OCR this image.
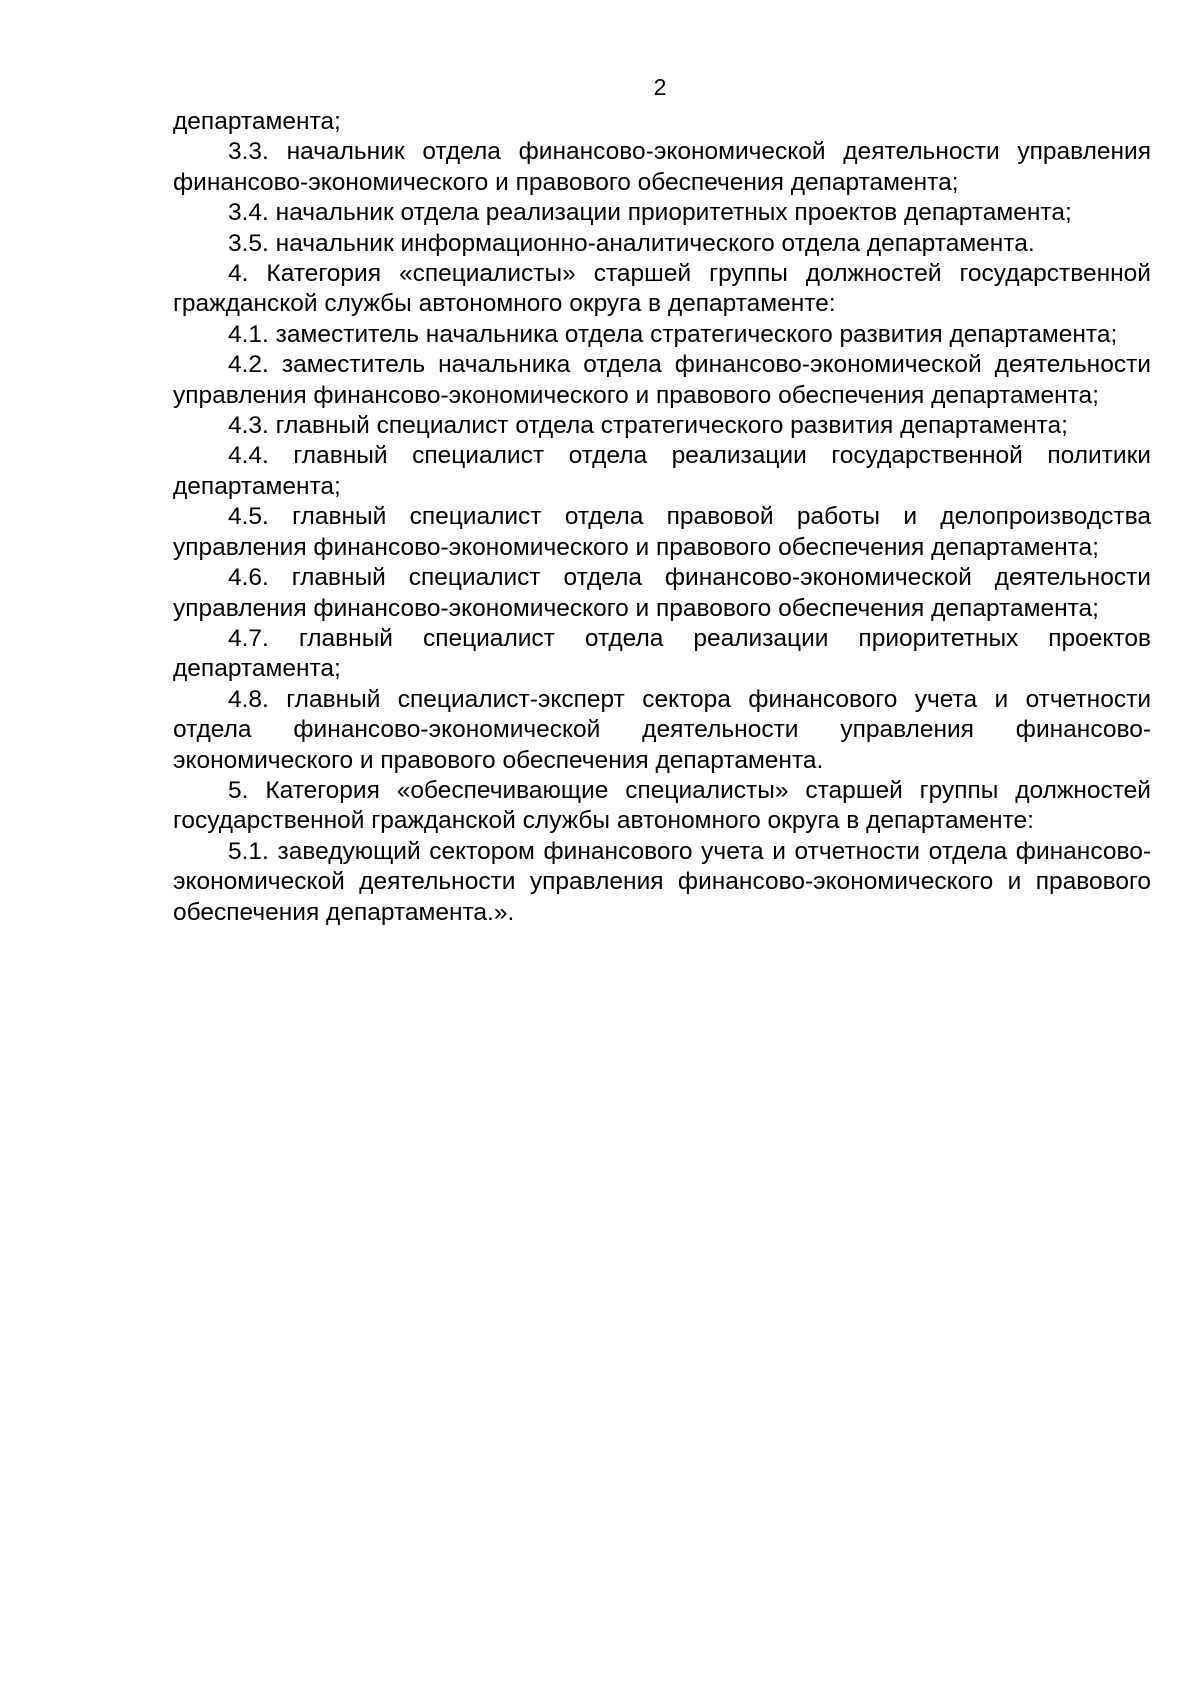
2

департамента;

3.3. начальник отдела финансово-экономической деятельности управления финансово-экономического и правового обеспечения департамента;

3.4. начальник отдела реализации приоритетных проектов департамента;

3.5. начальник информационно-аналитического отдела департамента.

4. Категория «специалисты» старшей группы должностей государственной гражданской службы автономного округа в департаменте:

4.1. заместитель начальника отдела стратегического развития департамента;

4.2. заместитель начальника отдела финансово-экономической деятельности управления финансово-экономического и правового обеспечения департамента;

4.3. главный специалист отдела стратегического развития департамента;

4.4. главный специалист отдела реализации государственной политики департамента;

4.5. главный специалист отдела правовой работы и делопроизводства управления финансово-экономического и правового обеспечения департамента;

4.6. главный специалист отдела финансово-экономической деятельности управления финансово-экономического и правового обеспечения департамента;

4.7. главный специалист отдела реализации приоритетных проектов департамента;

4.8. главный специалист-эксперт сектора финансового учета и отчетности отдела финансово-экономической деятельности управления финансово-экономического и правового обеспечения департамента.

5. Категория «обеспечивающие специалисты» старшей группы должностей государственной гражданской службы автономного округа в департаменте:

5.1. заведующий сектором финансового учета и отчетности отдела финансово-экономической деятельности управления финансово-экономического и правового обеспечения департамента.».
